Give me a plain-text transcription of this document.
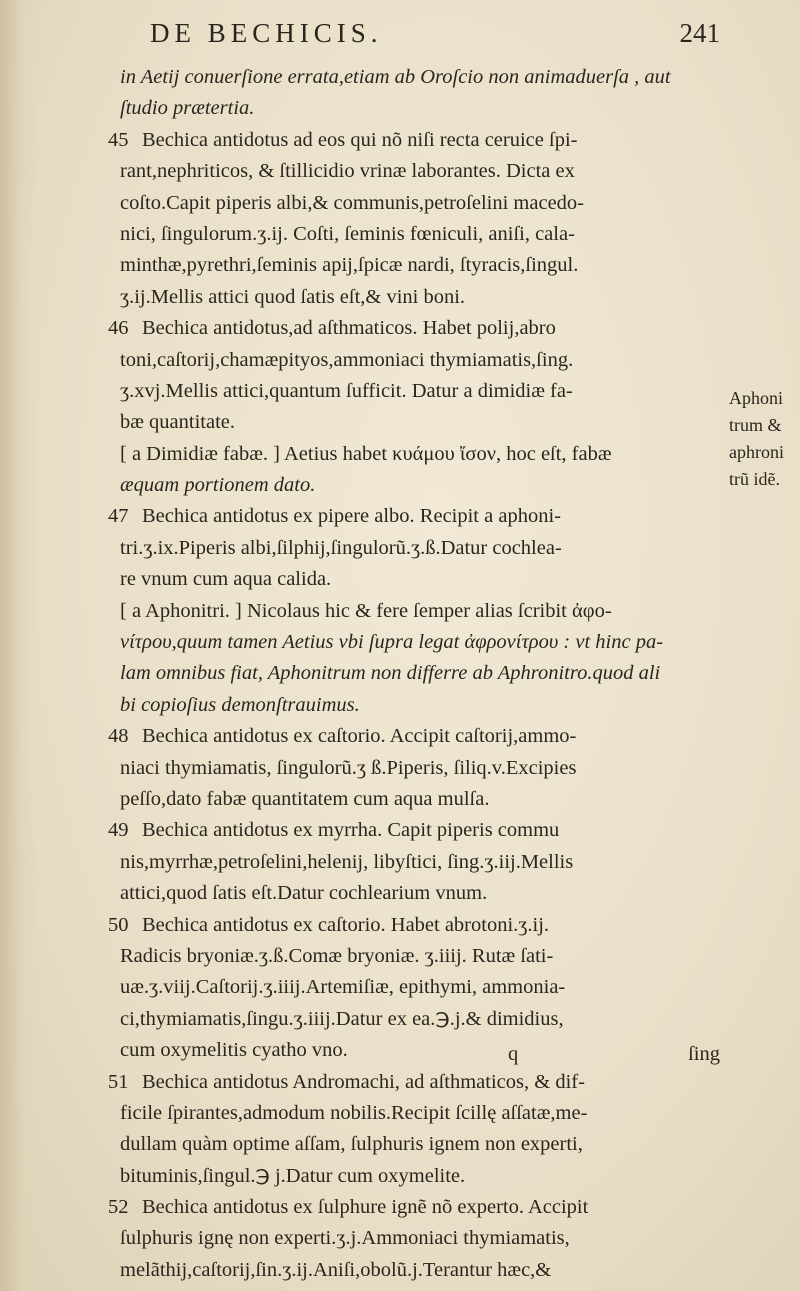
DE BECHICIS.	241
in Aetij conuerſione errata,etiam ab Oroſcio non animaduerſa , aut
ſtudio prætertia.
45 Bechica antidotus ad eos qui nõ niſi recta ceruice ſpi-
rant,nephriticos, & ſtillicidio vrinæ laborantes. Dicta ex
coſto.Capit piperis albi,& communis,petroſelini macedo-
nici, ſingulorum.ʒ.ij. Coſti, ſeminis fœniculi, aniſi, cala-
minthæ,pyrethri,ſeminis apij,ſpicæ nardi, ſtyracis,ſingul.
ʒ.ij.Mellis attici quod ſatis eſt,& vini boni.
46 Bechica antidotus,ad aſthmaticos. Habet polij,abro
toni,caſtorij,chamæpityos,ammoniaci thymiamatis,ſing.
ʒ.xvj.Mellis attici,quantum ſufficit. Datur a dimidiæ fa-
bæ quantitate.
[ a Dimidiæ fabæ. ] Aetius habet κυάμου ἴσον, hoc eſt, fabæ
æquam portionem dato.
47 Bechica antidotus ex pipere albo. Recipit a aphoni-
tri.ʒ.ix.Piperis albi,ſilphij,ſingulorũ.ʒ.ß.Datur cochlea-
re vnum cum aqua calida.
[ a Aphonitri. ] Nicolaus hic & fere ſemper alias ſcribit ἀφο-
νίτρου,quum tamen Aetius vbi ſupra legat ἀφρονίτρου : vt hinc pa-
lam omnibus fiat, Aphonitrum non differre ab Aphronitro.quod ali
bi copioſius demonſtrauimus.
48 Bechica antidotus ex caſtorio. Accipit caſtorij,ammo-
niaci thymiamatis, ſingulorũ.ʒ ß.Piperis, ſiliq.v.Excipies
peſſo,dato fabæ quantitatem cum aqua mulſa.
49 Bechica antidotus ex myrrha. Capit piperis commu
nis,myrrhæ,petroſelini,helenij, libyſtici, ſing.ʒ.iij.Mellis
attici,quod ſatis eſt.Datur cochlearium vnum.
50 Bechica antidotus ex caſtorio. Habet abrotoni.ʒ.ij.
Radicis bryoniæ.ʒ.ß.Comæ bryoniæ. ʒ.iiij. Rutæ ſati-
uæ.ʒ.viij.Caſtorij.ʒ.iiij.Artemiſiæ, epithymi, ammonia-
ci,thymiamatis,ſingu.ʒ.iiij.Datur ex ea.℈.j.& dimidius,
cum oxymelitis cyatho vno.
51 Bechica antidotus Andromachi, ad aſthmaticos, & dif-
ficile ſpirantes,admodum nobilis.Recipit ſcillę aſſatæ,me-
dullam quàm optime aſſam, ſulphuris ignem non experti,
bituminis,ſingul.℈ j.Datur cum oxymelite.
52 Bechica antidotus ex ſulphure ignẽ nõ experto. Accipit
ſulphuris ignę non experti.ʒ.j.Ammoniaci thymiamatis,
melãthij,caſtorij,ſin.ʒ.ij.Aniſi,obolũ.j.Terantur hæc,&
Aphoni
trum &
aphroni
trũ idẽ.
q	ſing
